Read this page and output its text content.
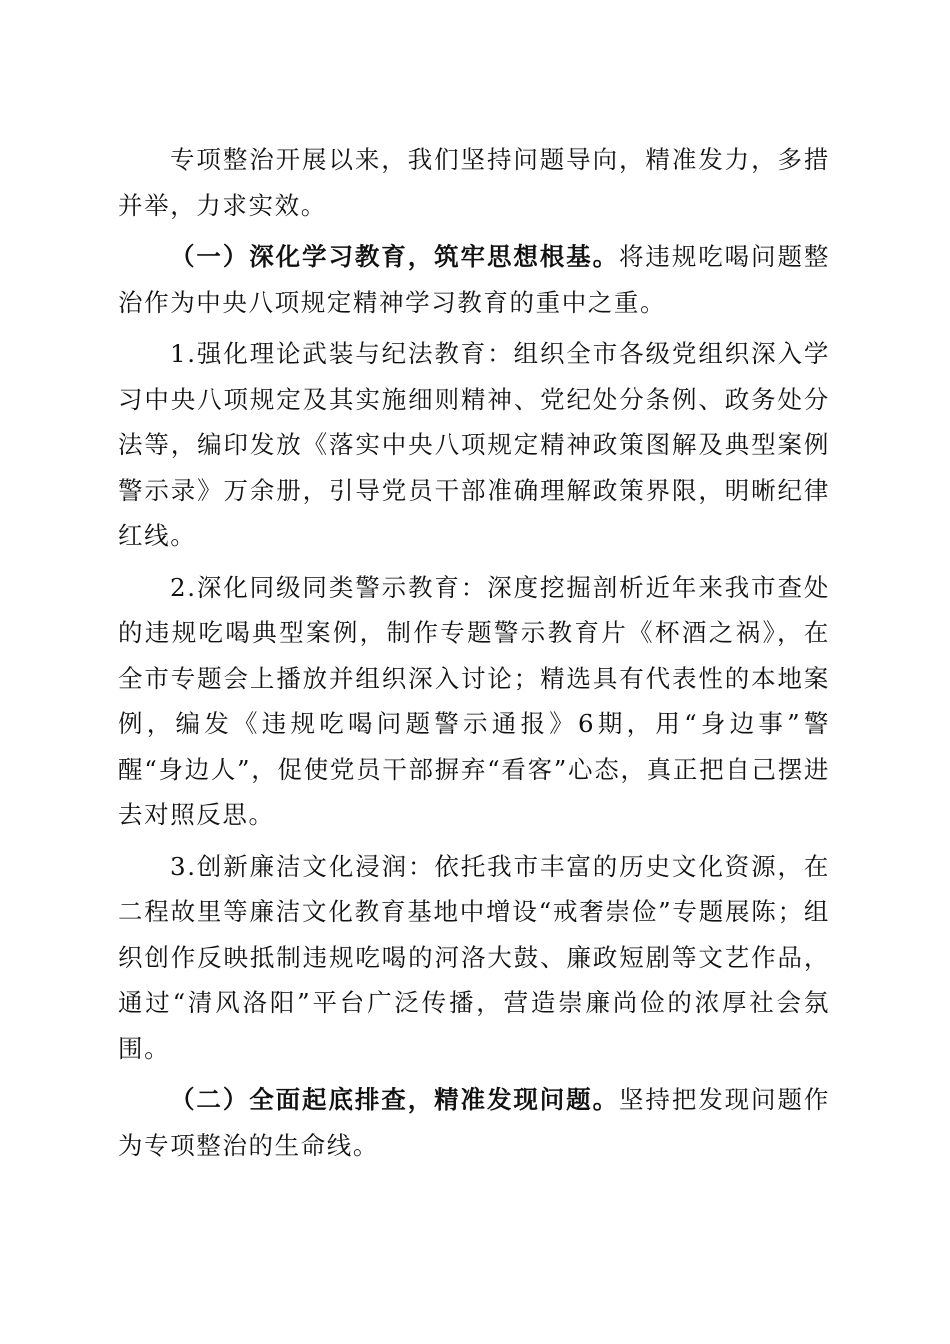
专项整治开展以来，我们坚持问题导向，精准发力，多措并举，力求实效。

（一）深化学习教育，筑牢思想根基。将违规吃喝问题整治作为中央八项规定精神学习教育的重中之重。

1.强化理论武装与纪法教育：组织全市各级党组织深入学习中央八项规定及其实施细则精神、党纪处分条例、政务处分法等，编印发放《落实中央八项规定精神政策图解及典型案例警示录》万余册，引导党员干部准确理解政策界限，明晰纪律红线。

2.深化同级同类警示教育：深度挖掘剖析近年来我市查处的违规吃喝典型案例，制作专题警示教育片《杯酒之祸》，在全市专题会上播放并组织深入讨论；精选具有代表性的本地案例，编发《违规吃喝问题警示通报》6期，用“身边事”警醒“身边人”，促使党员干部摒弃“看客”心态，真正把自己摆进去对照反思。

3.创新廉洁文化浸润：依托我市丰富的历史文化资源，在二程故里等廉洁文化教育基地中增设“戒奢崇俭”专题展陈；组织创作反映抵制违规吃喝的河洛大鼓、廉政短剧等文艺作品，通过“清风洛阳”平台广泛传播，营造崇廉尚俭的浓厚社会氛围。

（二）全面起底排查，精准发现问题。坚持把发现问题作为专项整治的生命线。
